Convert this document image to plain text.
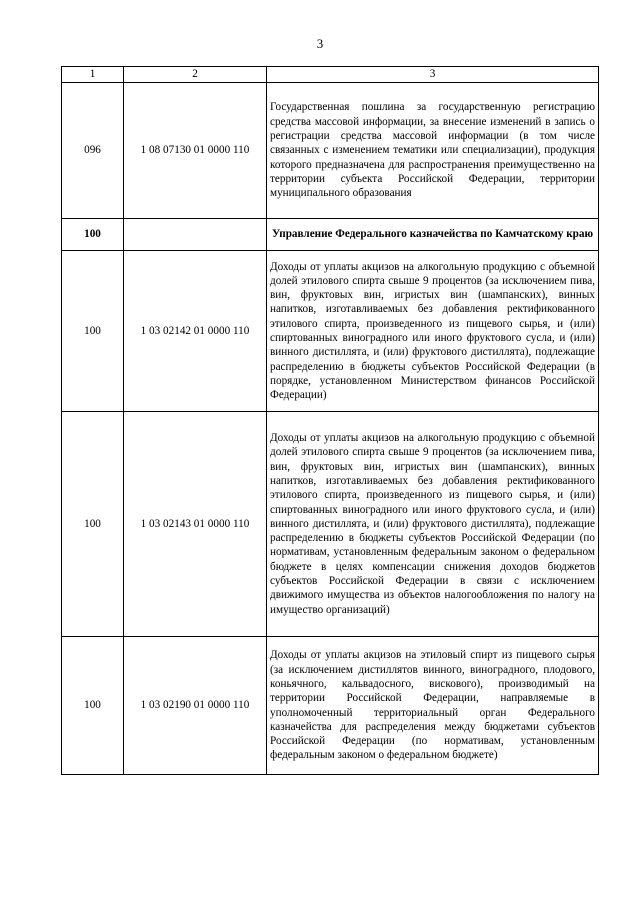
3
1	2	3
096	1 08 07130 01 0000 110	Государственная пошлина за государственную регистрацию средства массовой информации, за внесение изменений в запись о регистрации средства массовой информации (в том числе связанных с изменением тематики или специализации), продукция которого предназначена для распространения преимущественно на территории субъекта Российской Федерации, территории муниципального образования
100		Управление Федерального казначейства по Камчатскому краю
100	1 03 02142 01 0000 110	Доходы от уплаты акцизов на алкогольную продукцию с объемной долей этилового спирта свыше 9 процентов (за исключением пива, вин, фруктовых вин, игристых вин (шампанских), винных напитков, изготавливаемых без добавления ректификованного этилового спирта, произведенного из пищевого сырья, и (или) спиртованных виноградного или иного фруктового сусла, и (или) винного дистиллята, и (или) фруктового дистиллята), подлежащие распределению в бюджеты субъектов Российской Федерации (в порядке, установленном Министерством финансов Российской Федерации)
100	1 03 02143 01 0000 110	Доходы от уплаты акцизов на алкогольную продукцию с объемной долей этилового спирта свыше 9 процентов (за исключением пива, вин, фруктовых вин, игристых вин (шампанских), винных напитков, изготавливаемых без добавления ректификованного этилового спирта, произведенного из пищевого сырья, и (или) спиртованных виноградного или иного фруктового сусла, и (или) винного дистиллята, и (или) фруктового дистиллята), подлежащие распределению в бюджеты субъектов Российской Федерации (по нормативам, установленным федеральным законом о федеральном бюджете в целях компенсации снижения доходов бюджетов субъектов Российской Федерации в связи с исключением движимого имущества из объектов налогообложения по налогу на имущество организаций)
100	1 03 02190 01 0000 110	Доходы от уплаты акцизов на этиловый спирт из пищевого сырья (за исключением дистиллятов винного, виноградного, плодового, коньячного, кальвадосного, вискового), производимый на территории Российской Федерации, направляемые в уполномоченный территориальный орган Федерального казначейства для распределения между бюджетами субъектов Российской Федерации (по нормативам, установленным федеральным законом о федеральном бюджете)
